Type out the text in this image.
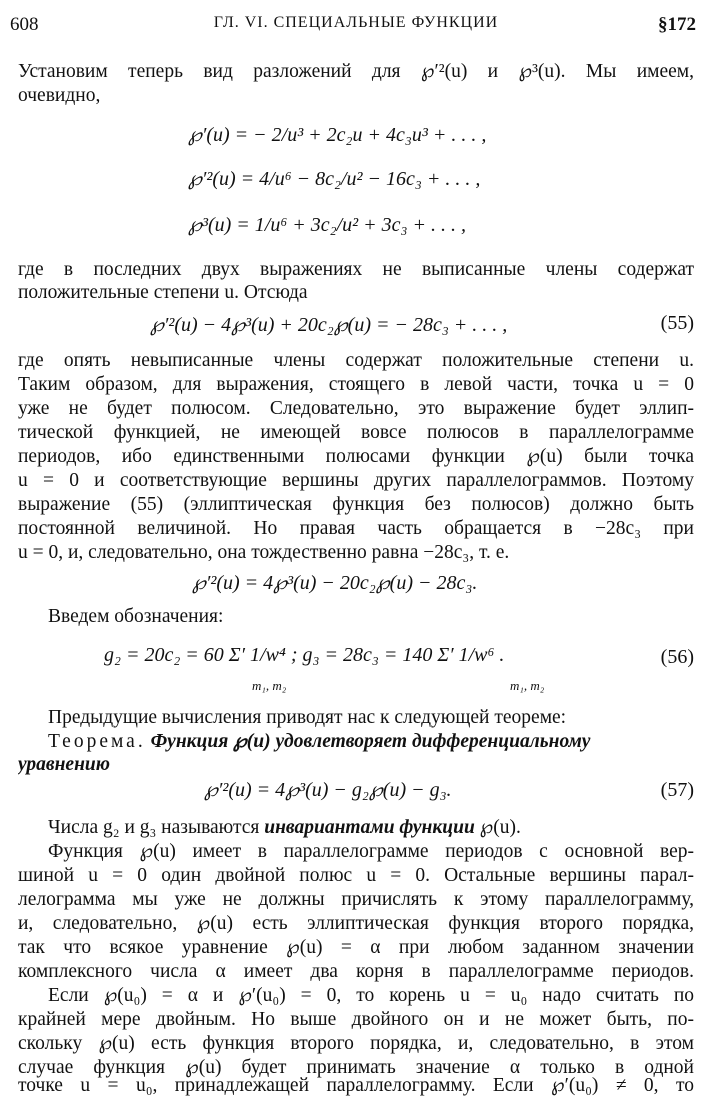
608	ГЛ. VI. СПЕЦИАЛЬНЫЕ ФУНКЦИИ	§172
Установим теперь вид разложений для ℘′²(u) и ℘³(u). Мы имеем,
очевидно,
℘′(u) = − 2/u³ + 2c₂u + 4c₃u³ + . . . ,
℘′²(u) = 4/u⁶ − 8c₂/u² − 16c₃ + . . . ,
℘³(u) = 1/u⁶ + 3c₂/u² + 3c₃ + . . . ,
где в последних двух выражениях не выписанные члены содержат
положительные степени u. Отсюда
℘′²(u) − 4℘³(u) + 20c₂℘(u) = − 28c₃ + . . . ,	(55)
где опять невыписанные члены содержат положительные степени u.
Таким образом, для выражения, стоящего в левой части, точка u = 0
уже не будет полюсом. Следовательно, это выражение будет эллип-
тической функцией, не имеющей вовсе полюсов в параллелограмме
периодов, ибо единственными полюсами функции ℘(u) были точка
u = 0 и соответствующие вершины других параллелограммов. Поэтому
выражение (55) (эллиптическая функция без полюсов) должно быть
постоянной величиной. Но правая часть обращается в −28c₃ при
u = 0, и, следовательно, она тождественно равна −28c₃, т. е.
℘′²(u) = 4℘³(u) − 20c₂℘(u) − 28c₃.
Введем обозначения:
g₂ = 20c₂ = 60 Σ′ 1/w⁴ ; g₃ = 28c₃ = 140 Σ′ 1/w⁶ .
m₁, m₂	m₁, m₂
(56)
Предыдущие вычисления приводят нас к следующей теореме:
Теорема. Функция ℘(u) удовлетворяет дифференциальному
уравнению
℘′²(u) = 4℘³(u) − g₂℘(u) − g₃.	(57)
Числа g₂ и g₃ называются инвариантами функции ℘(u).
Функция ℘(u) имеет в параллелограмме периодов с основной вер-
шиной u = 0 один двойной полюс u = 0. Остальные вершины парал-
лелограмма мы уже не должны причислять к этому параллелограмму,
и, следовательно, ℘(u) есть эллиптическая функция второго порядка,
так что всякое уравнение ℘(u) = α при любом заданном значении
комплексного числа α имеет два корня в параллелограмме периодов.
Если ℘(u₀) = α и ℘′(u₀) = 0, то корень u = u₀ надо считать по
крайней мере двойным. Но выше двойного он и не может быть, по-
скольку ℘(u) есть функция второго порядка, и, следовательно, в этом
случае функция ℘(u) будет принимать значение α только в одной
точке u = u₀, принадлежащей параллелограмму. Если ℘′(u₀) ≠ 0, то
